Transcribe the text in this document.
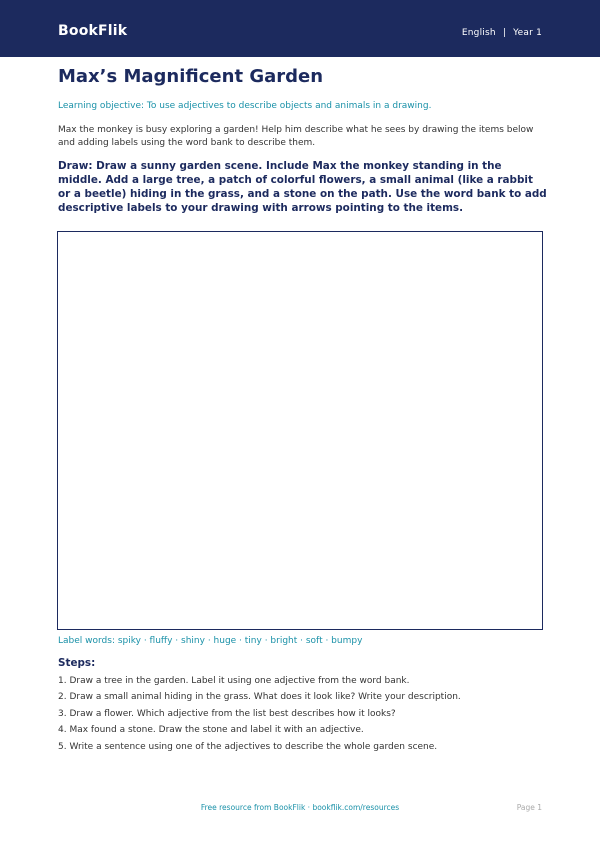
BookFlik	English | Year 1
Max’s Magnificent Garden
Learning objective: To use adjectives to describe objects and animals in a drawing.
Max the monkey is busy exploring a garden! Help him describe what he sees by drawing the items below and adding labels using the word bank to describe them.
Draw: Draw a sunny garden scene. Include Max the monkey standing in the middle. Add a large tree, a patch of colorful flowers, a small animal (like a rabbit or a beetle) hiding in the grass, and a stone on the path. Use the word bank to add descriptive labels to your drawing with arrows pointing to the items.
Label words: spiky · fluffy · shiny · huge · tiny · bright · soft · bumpy
Steps:
1. Draw a tree in the garden. Label it using one adjective from the word bank.
2. Draw a small animal hiding in the grass. What does it look like? Write your description.
3. Draw a flower. Which adjective from the list best describes how it looks?
4. Max found a stone. Draw the stone and label it with an adjective.
5. Write a sentence using one of the adjectives to describe the whole garden scene.
Free resource from BookFlik · bookflik.com/resources	Page 1
